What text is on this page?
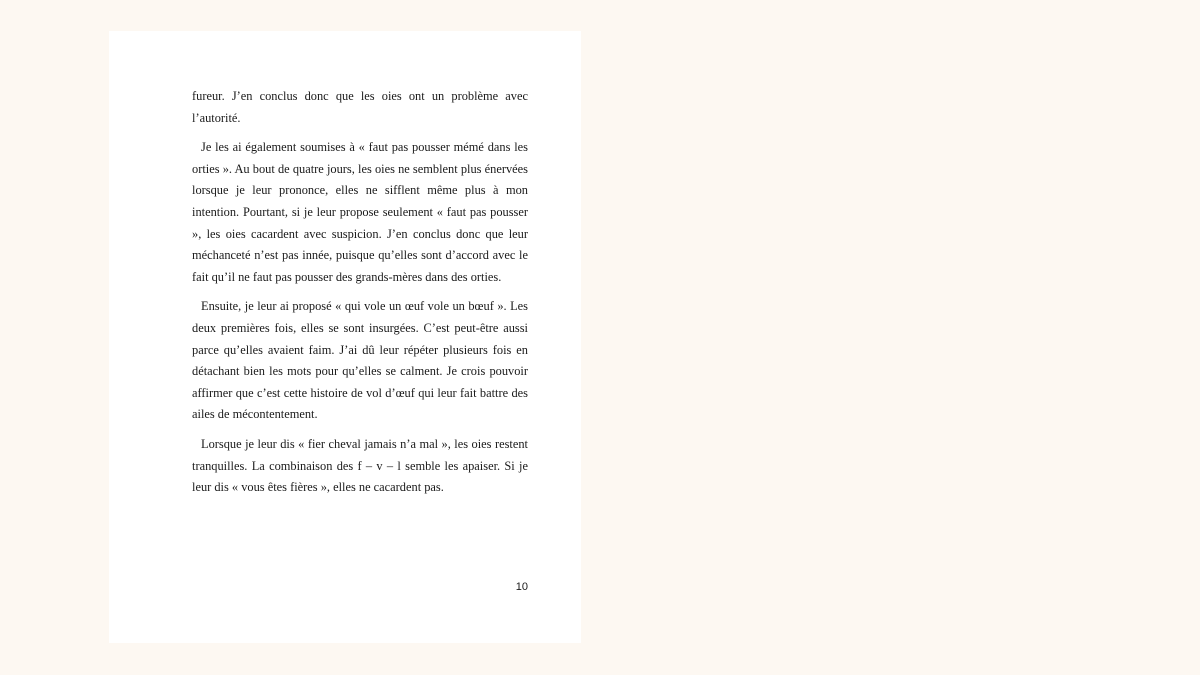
fureur. J’en conclus donc que les oies ont un problème avec l’autorité.

Je les ai également soumises à « faut pas pousser mémé dans les orties ». Au bout de quatre jours, les oies ne semblent plus énervées lorsque je leur prononce, elles ne sifflent même plus à mon intention. Pourtant, si je leur propose seulement « faut pas pousser », les oies cacardent avec suspicion. J’en conclus donc que leur méchanceté n’est pas innée, puisque qu’elles sont d’accord avec le fait qu’il ne faut pas pousser des grands-mères dans des orties.

Ensuite, je leur ai proposé « qui vole un œuf vole un bœuf ». Les deux premières fois, elles se sont insurgées. C’est peut-être aussi parce qu’elles avaient faim. J’ai dû leur répéter plusieurs fois en détachant bien les mots pour qu’elles se calment. Je crois pouvoir affirmer que c’est cette histoire de vol d’œuf qui leur fait battre des ailes de mécontentement.

Lorsque je leur dis « fier cheval jamais n’a mal », les oies restent tranquilles. La combinaison des f – v – l semble les apaiser. Si je leur dis « vous êtes fières », elles ne cacardent pas.

10
